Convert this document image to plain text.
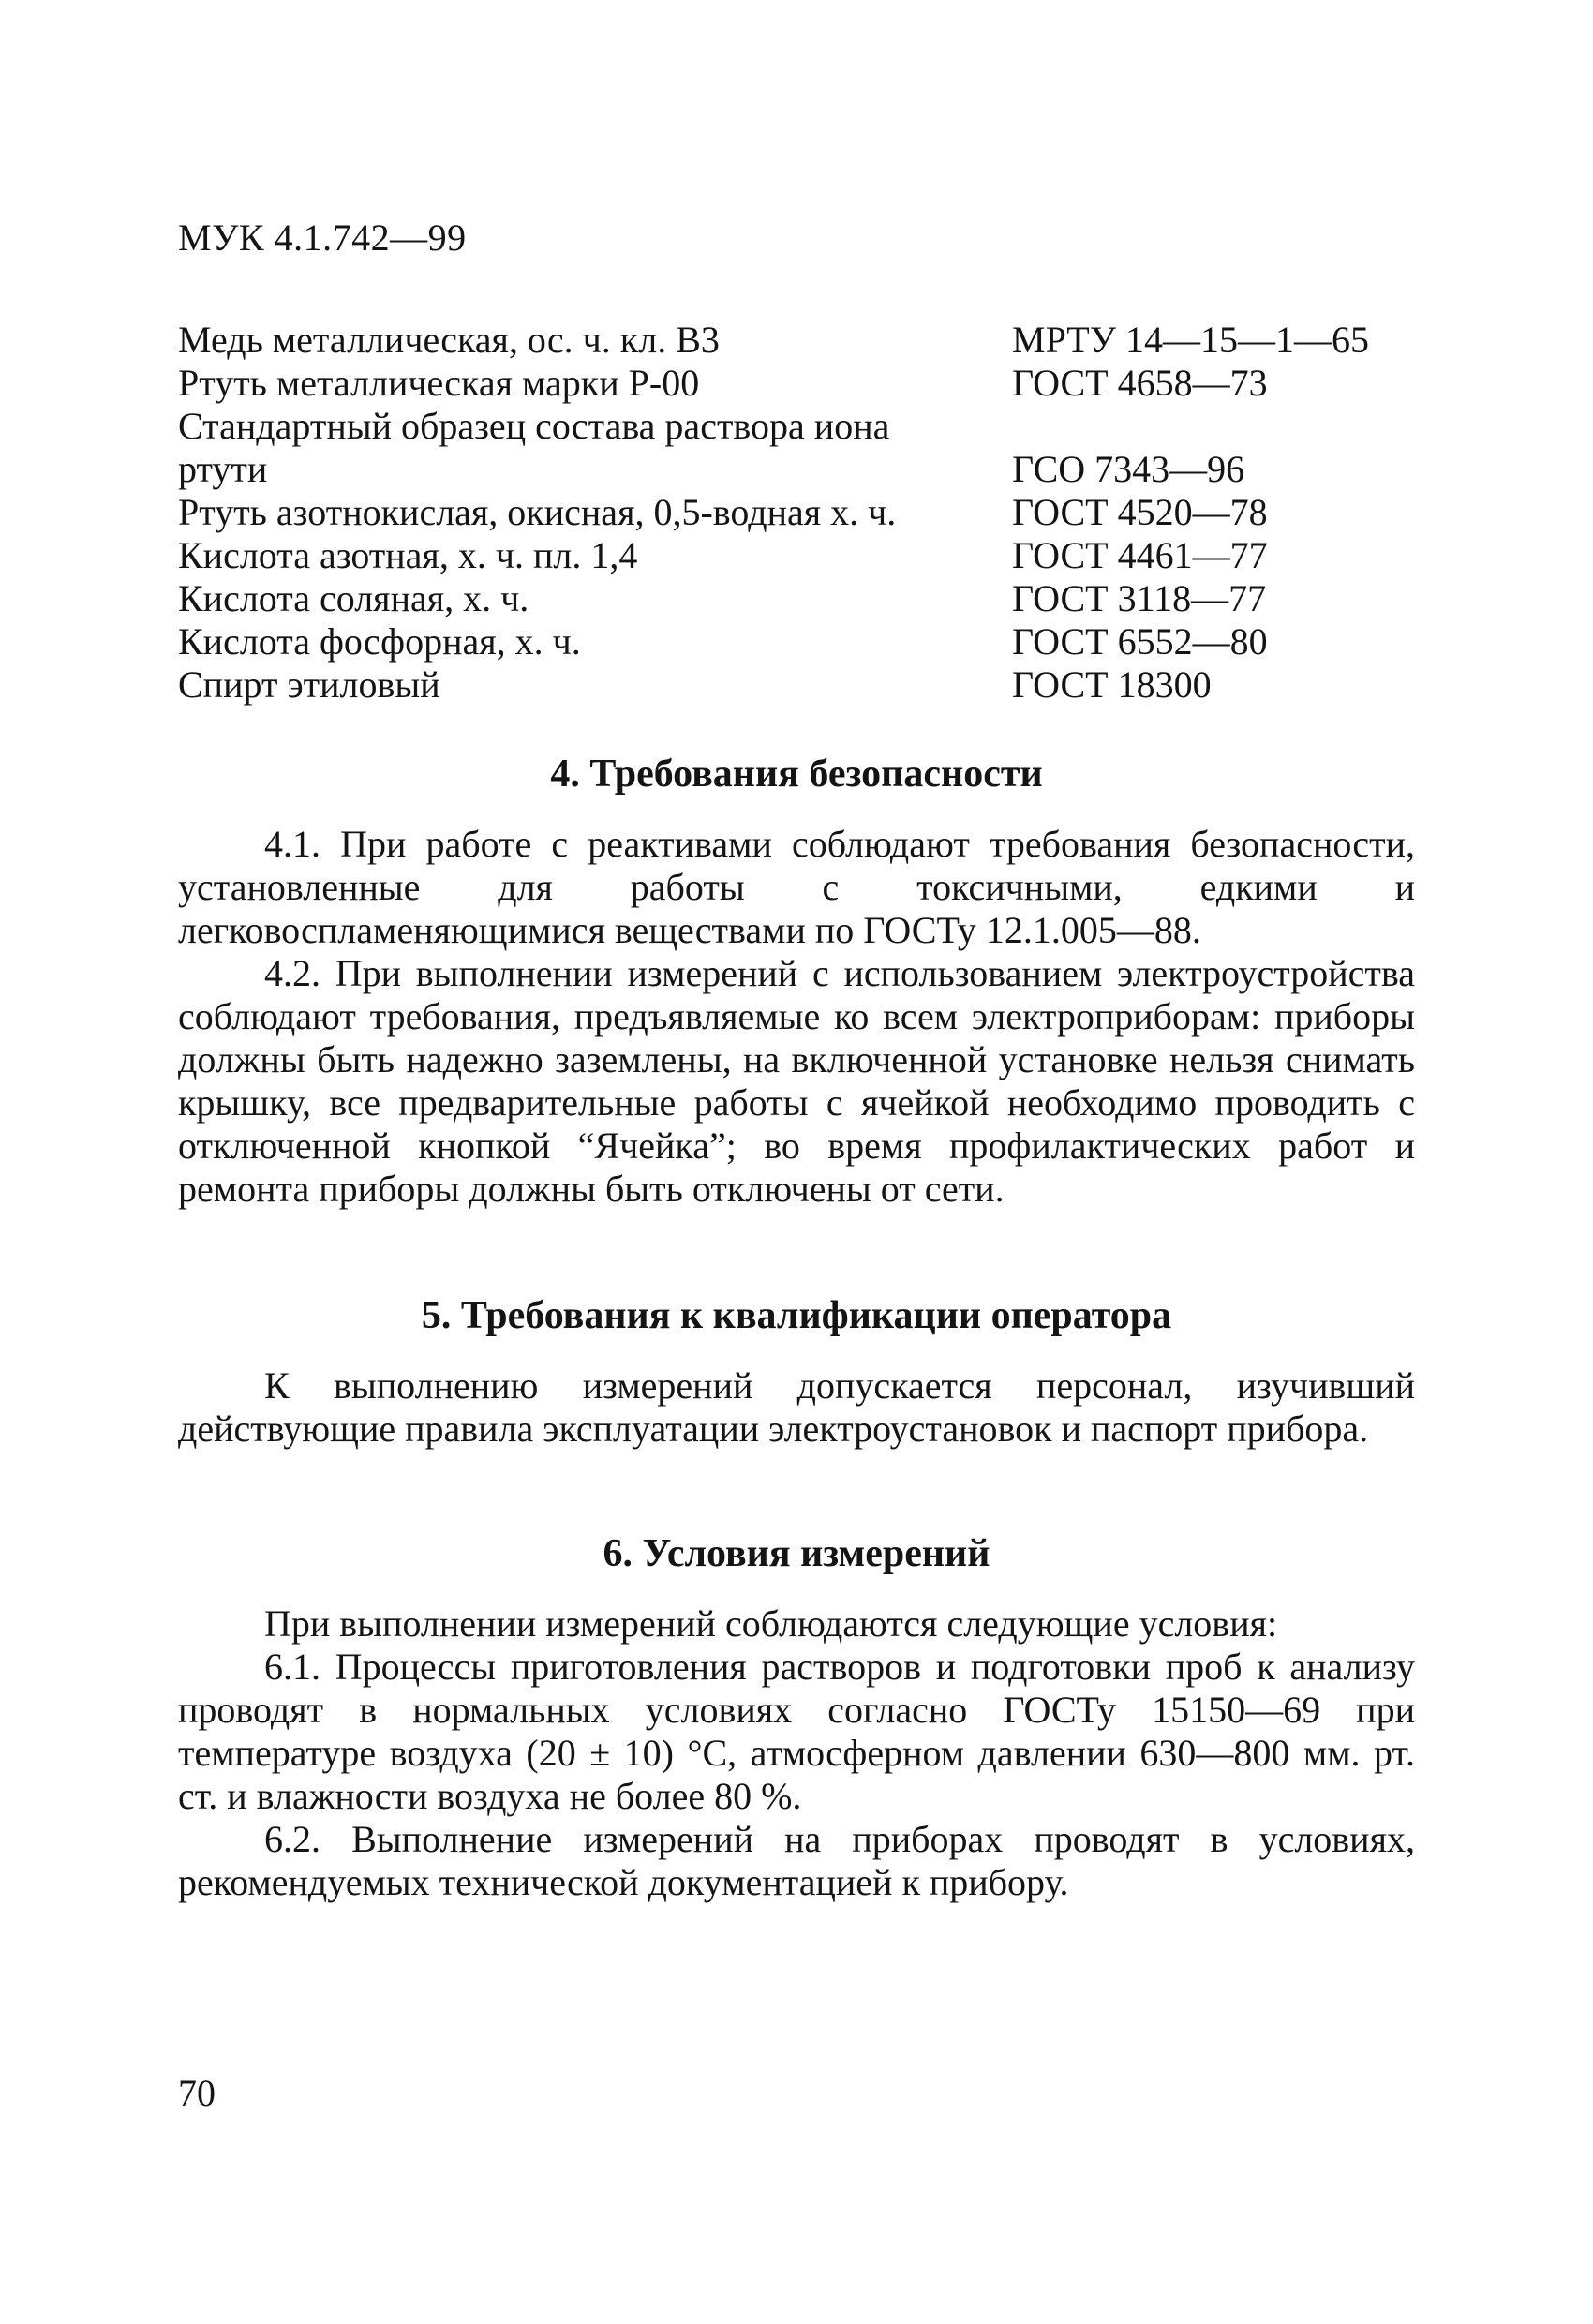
МУК 4.1.742—99
Медь металлическая, ос. ч. кл. В3	МРТУ 14—15—1—65
Ртуть металлическая марки Р-00	ГОСТ 4658—73
Стандартный образец состава раствора иона
ртути	ГСО 7343—96
Ртуть азотнокислая, окисная, 0,5-водная х. ч.	ГОСТ 4520—78
Кислота азотная, х. ч. пл. 1,4	ГОСТ 4461—77
Кислота соляная, х. ч.	ГОСТ 3118—77
Кислота фосфорная, х. ч.	ГОСТ 6552—80
Спирт этиловый	ГОСТ 18300
4. Требования безопасности

4.1. При работе с реактивами соблюдают требования безопасности, установленные для работы с токсичными, едкими и легковоспламеняющимися веществами по ГОСТу 12.1.005—88.

4.2. При выполнении измерений с использованием электроустройства соблюдают требования, предъявляемые ко всем электроприборам: приборы должны быть надежно заземлены, на включенной установке нельзя снимать крышку, все предварительные работы с ячейкой необходимо проводить с отключенной кнопкой “Ячейка”; во время профилактических работ и ремонта приборы должны быть отключены от сети.

5. Требования к квалификации оператора

К выполнению измерений допускается персонал, изучивший действующие правила эксплуатации электроустановок и паспорт прибора.

6. Условия измерений

При выполнении измерений соблюдаются следующие условия:

6.1. Процессы приготовления растворов и подготовки проб к анализу проводят в нормальных условиях согласно ГОСТу 15150—69 при температуре воздуха (20 ± 10) °С, атмосферном давлении 630—800 мм. рт. ст. и влажности воздуха не более 80 %.

6.2. Выполнение измерений на приборах проводят в условиях, рекомендуемых технической документацией к прибору.

70
